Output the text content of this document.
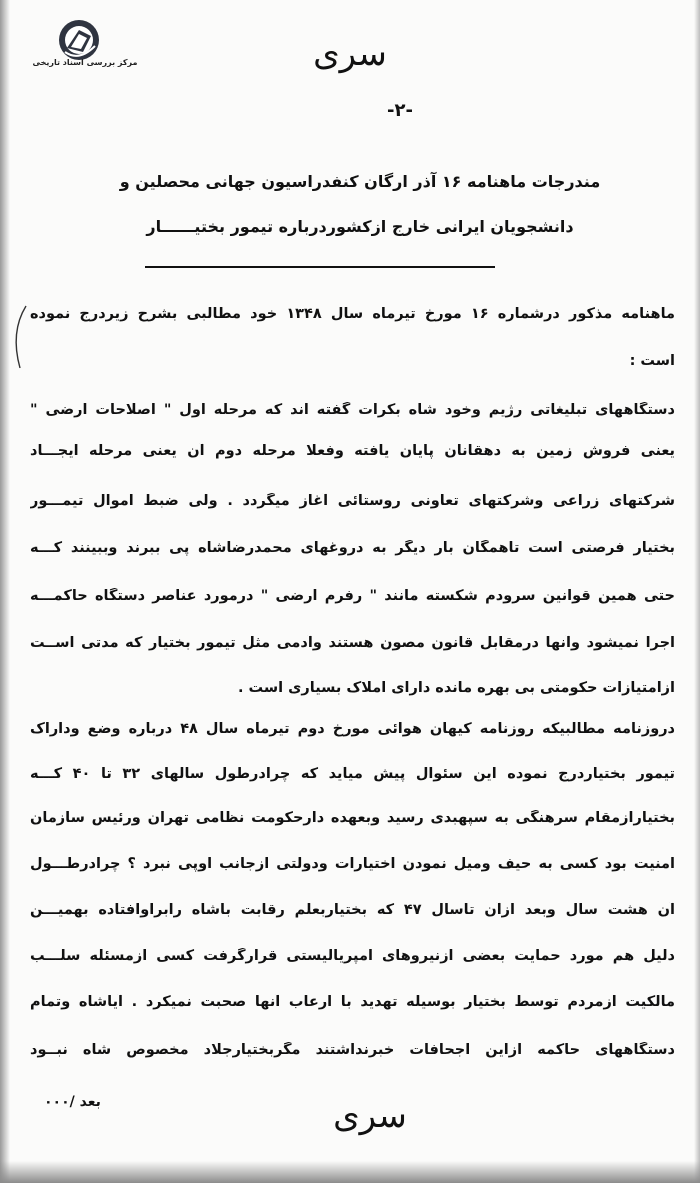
مرکز بررسی اسناد تاریخی	سری
-۲-
مندرجات ماهنامه ۱۶ آذر ارگان کنفدراسیون جهانی محصلین و
دانشجویان ایرانی خارج ازکشوردرباره تیمور بختیــــــار
ماهنامه مذکور درشماره ۱۶ مورخ تیرماه سال ۱۳۴۸ خود مطالبی بشرح زیردرج نموده
است :
دستگاههای تبلیغاتی رژیم وخود شاه بکرات گفته اند که مرحله اول " اصلاحات ارضی "
یعنی فروش زمین به دهقانان پایان یافته وفعلا مرحله دوم آن یعنی مرحله ایجـــاد
شرکتهای زراعی وشرکتهای تعاونی روستائی آغاز میگردد . ولی ضبط اموال تیمـــور
بختیار فرصتی است تاهمگان بار دیگر به دروغهای محمدرضاشاه پی ببرند وببینند کـــه
حتی همین قوانین سرودم شکسته مانند " رفرم ارضی " درمورد عناصر دستگاه حاکمـــه
اجرا نمیشود وآنها درمقابل قانون مصون هستند وآدمی مثل تیمور بختیار که مدتی اســت
ازامتیازات حکومتی بی بهره مانده دارای املاک بسیاری است .
دروزنامه مطالبیکه روزنامه کیهان هوائی مورخ دوم تیرماه سال ۴۸ درباره وضع وداراک
تیمور بختیاردرج نموده این سئوال پیش میآید که چرادرطول سالهای ۳۲ تا ۴۰ کـــه
بختیارازمقام سرهنگی به سپهبدی رسید وبعهده دارحکومت نظامی تهران ورئیس سازمان
امنیت بود کسی به حیف ومیل نمودن اختیارات ودولتی ازجانب اوپی نبرد ؟ چرادرطـــول
آن هشت سال وبعد ازآن تاسال ۴۷ که بختیاربعلم رقابت باشاه رابراوافتاده بهمیـــن
دلیل هم مورد حمایت بعضی ازنیروهای امپریالیستی قرارگرفت کسی ازمسئله سلـــب
مالکیت ازمردم توسط بختیار بوسیله تهدید با ارعاب آنها صحبت نمیکرد . آیاشاه وتمام
دستگاههای حاکمه ازاین اجحافات خبرنداشتند مگربختیارجلاد مخصوص شاه نبــود
بعد /۰۰۰	سری
